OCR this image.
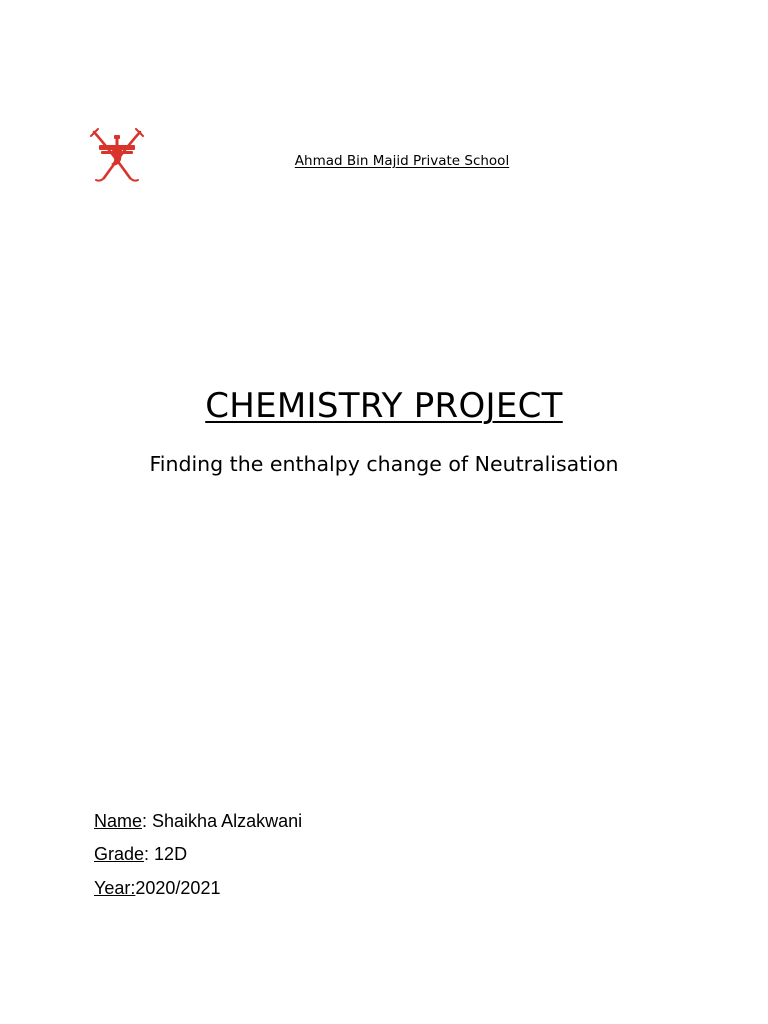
Ahmad Bin Majid Private School
CHEMISTRY PROJECT
Finding the enthalpy change of Neutralisation
Name: Shaikha Alzakwani
Grade: 12D
Year:2020/2021
